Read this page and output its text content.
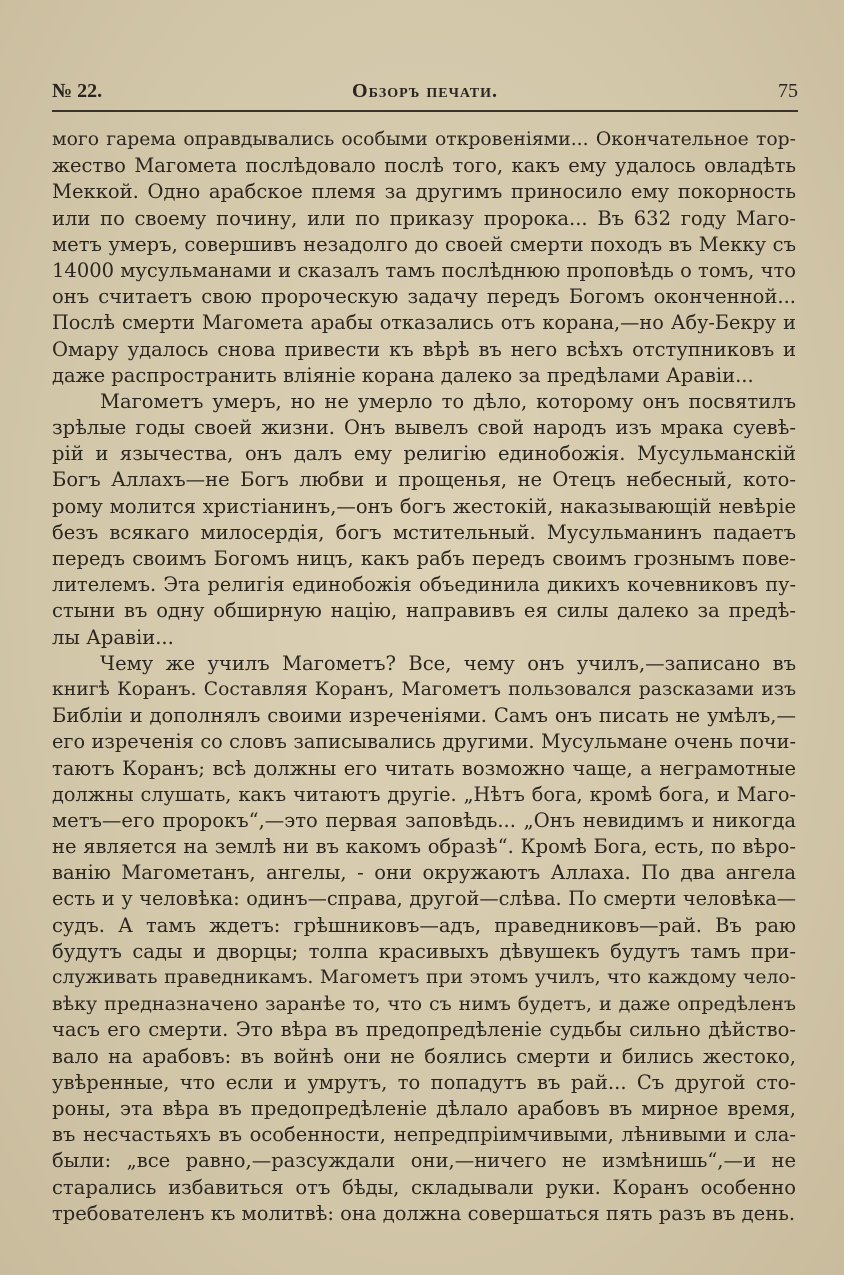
№ 22.	Обзоръ печати.	75
мого гарема оправдывались особыми откровеніями... Окончательное тор-
жество Магомета послѣдовало послѣ того, какъ ему удалось овладѣть
Меккой. Одно арабское племя за другимъ приносило ему покорность
или по своему почину, или по приказу пророка... Въ 632 году Маго-
метъ умеръ, совершивъ незадолго до своей смерти походъ въ Мекку съ
14000 мусульманами и сказалъ тамъ послѣднюю проповѣдь о томъ, что
онъ считаетъ свою пророческую задачу передъ Богомъ оконченной...
Послѣ смерти Магомета арабы отказались отъ корана,—но Абу-Бекру и
Омару удалось снова привести къ вѣрѣ въ него всѣхъ отступниковъ и
даже распространить вліяніе корана далеко за предѣлами Аравіи...
Магометъ умеръ, но не умерло то дѣло, которому онъ посвятилъ
зрѣлые годы своей жизни. Онъ вывелъ свой народъ изъ мрака суевѣ-
рій и язычества, онъ далъ ему религію единобожія. Мусульманскій
Богъ Аллахъ—не Богъ любви и прощенья, не Отецъ небесный, кото-
рому молится христіанинъ,—онъ богъ жестокій, наказывающій невѣріе
безъ всякаго милосердія, богъ мстительный. Мусульманинъ падаетъ
передъ своимъ Богомъ ницъ, какъ рабъ передъ своимъ грознымъ пове-
лителемъ. Эта религія единобожія объединила дикихъ кочевниковъ пу-
стыни въ одну обширную націю, направивъ ея силы далеко за предѣ-
лы Аравіи...
Чему же училъ Магометъ? Все, чему онъ училъ,—записано въ
книгѣ Коранъ. Составляя Коранъ, Магометъ пользовался разсказами изъ
Библіи и дополнялъ своими изреченіями. Самъ онъ писать не умѣлъ,—
его изреченія со словъ записывались другими. Мусульмане очень почи-
таютъ Коранъ; всѣ должны его читать возможно чаще, а неграмотные
должны слушать, какъ читаютъ другіе. „Нѣтъ бога, кромѣ бога, и Маго-
метъ—его пророкъ“,—это первая заповѣдь... „Онъ невидимъ и никогда
не является на землѣ ни въ какомъ образѣ“. Кромѣ Бога, есть, по вѣро-
ванію Магометанъ, ангелы, - они окружаютъ Аллаха. По два ангела
есть и у человѣка: одинъ—справа, другой—слѣва. По смерти человѣка—
судъ. А тамъ ждетъ: грѣшниковъ—адъ, праведниковъ—рай. Въ раю
будутъ сады и дворцы; толпа красивыхъ дѣвушекъ будутъ тамъ при-
служивать праведникамъ. Магометъ при этомъ училъ, что каждому чело-
вѣку предназначено заранѣе то, что съ нимъ будетъ, и даже опредѣленъ
часъ его смерти. Это вѣра въ предопредѣленіе судьбы сильно дѣйство-
вало на арабовъ: въ войнѣ они не боялись смерти и бились жестоко,
увѣренные, что если и умрутъ, то попадутъ въ рай... Съ другой сто-
роны, эта вѣра въ предопредѣленіе дѣлало арабовъ въ мирное время,
въ несчастьяхъ въ особенности, непредпріимчивыми, лѣнивыми и сла-
были: „все равно,—разсуждали они,—ничего не измѣнишь“,—и не
старались избавиться отъ бѣды, складывали руки. Коранъ особенно
требователенъ къ молитвѣ: она должна совершаться пять разъ въ день.
